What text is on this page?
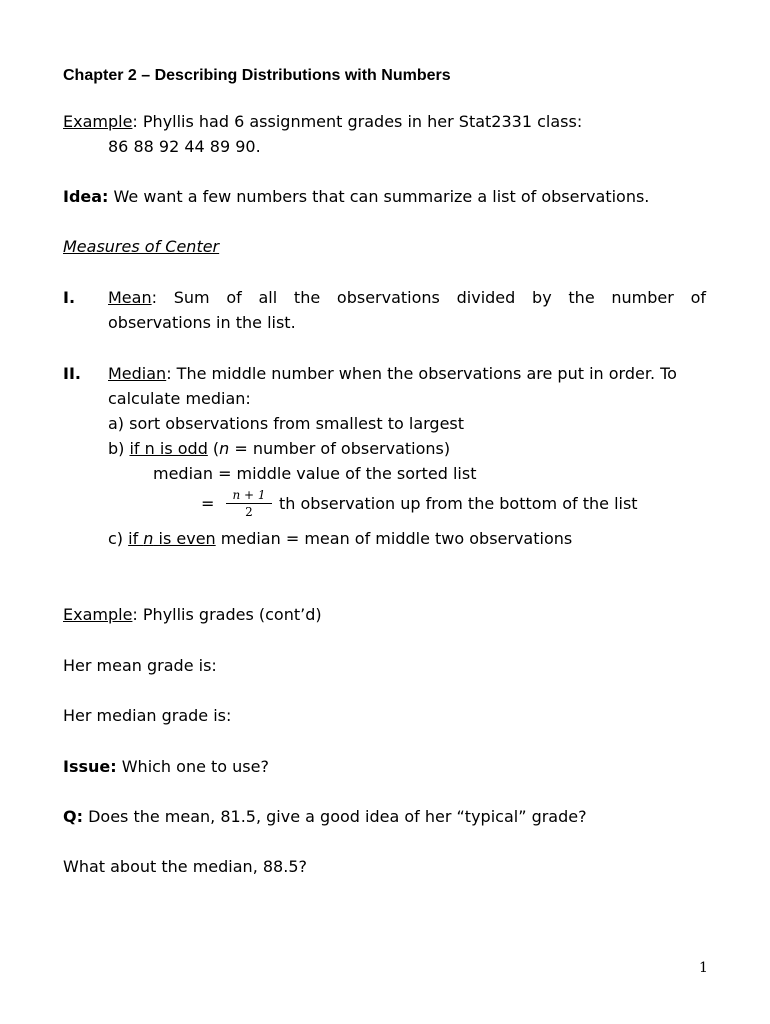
Chapter 2 – Describing Distributions with Numbers
Example: Phyllis had 6 assignment grades in her Stat2331 class:
86 88 92 44 89 90.
Idea: We want a few numbers that can summarize a list of observations.
Measures of Center
I. Mean: Sum of all the observations divided by the number of
observations in the list.
II. Median: The middle number when the observations are put in order. To
calculate median:
a) sort observations from smallest to largest
b) if n is odd (n = number of observations)
median = middle value of the sorted list
=	n + 1
2	th observation up from the bottom of the list
c) if n is even median = mean of middle two observations
Example: Phyllis grades (cont’d)
Her mean grade is:
Her median grade is:
Issue: Which one to use?
Q: Does the mean, 81.5, give a good idea of her “typical” grade?
What about the median, 88.5?
1
